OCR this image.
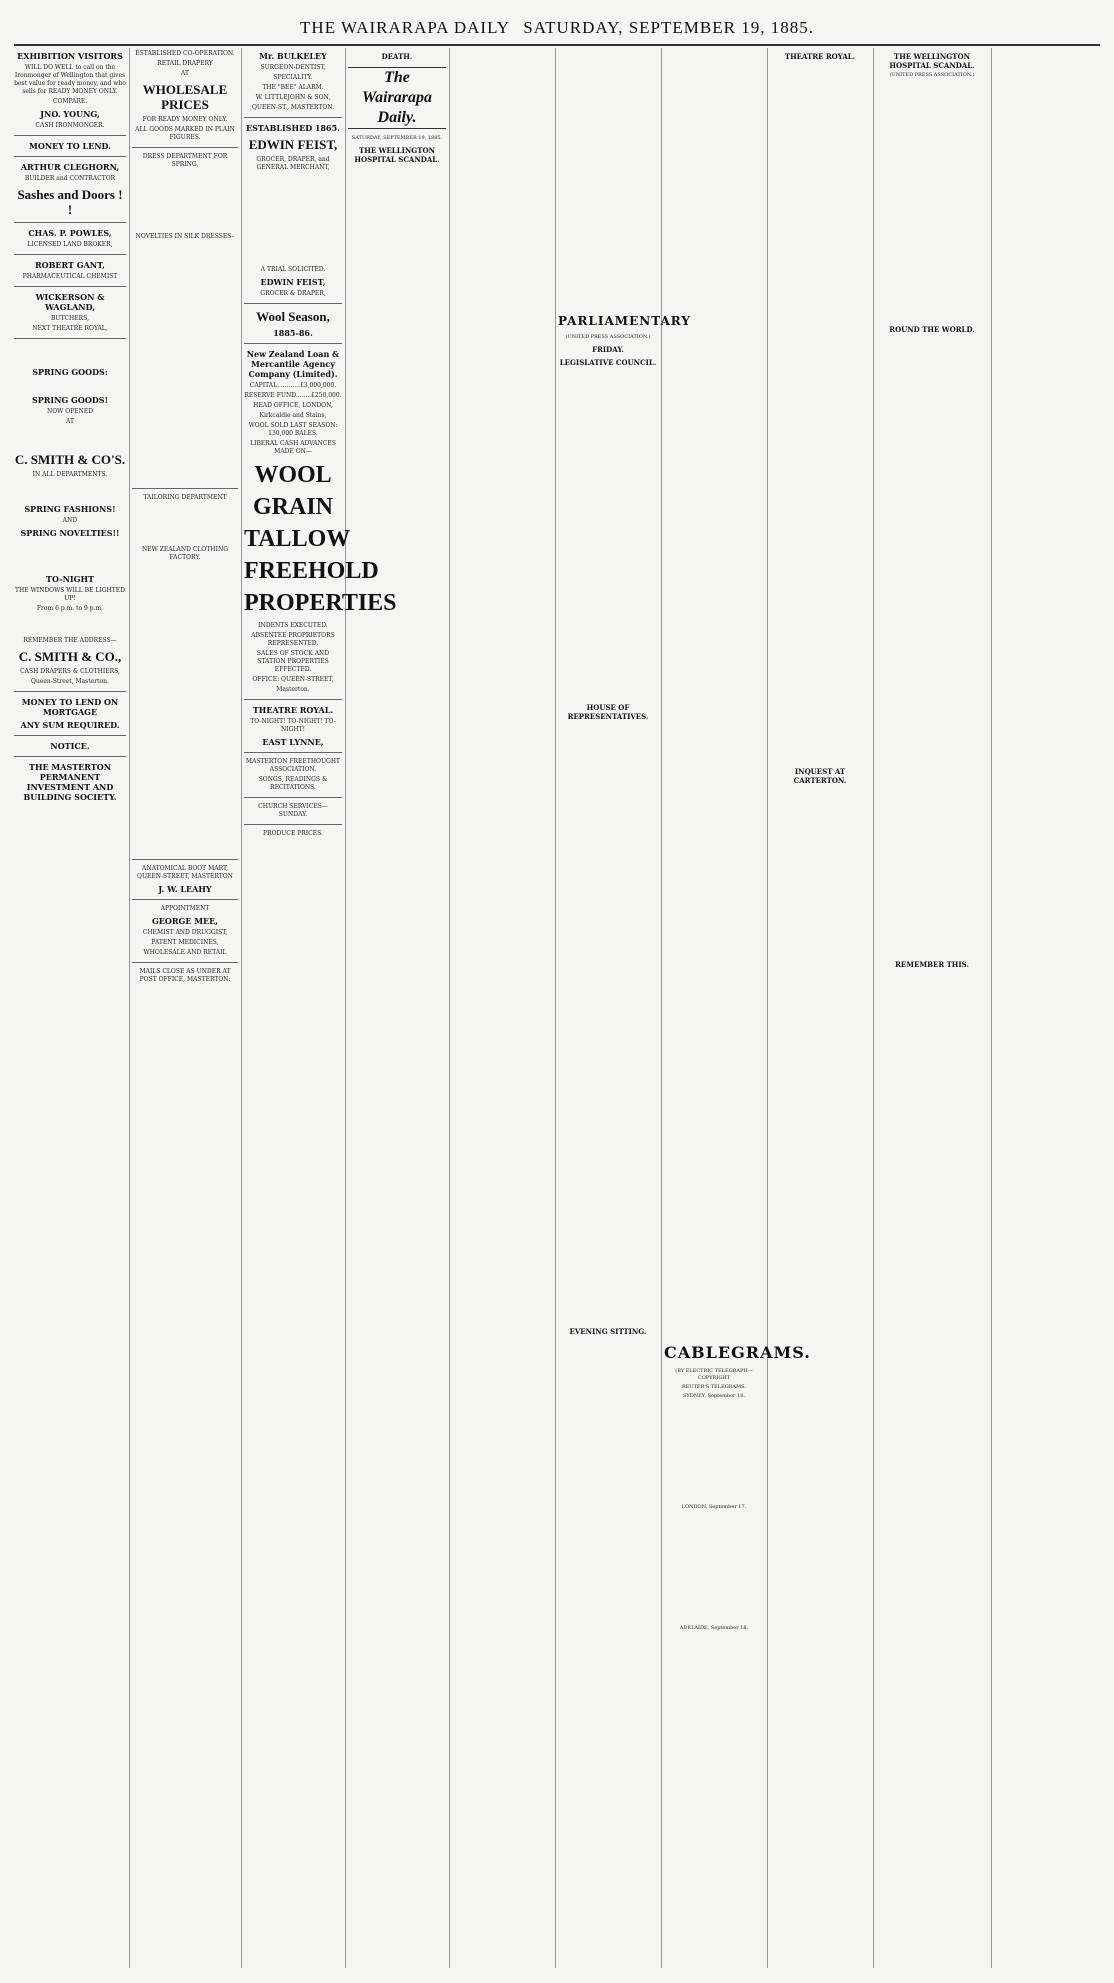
THE WAIRARAPA DAILY SATURDAY, SEPTEMBER 19, 1885.
EXHIBITION VISITORS
WILL DO WELL to call on the Ironmonger of Wellington that gives best value for ready money, and who sells for READY MONEY ONLY.
COMPARE.
JNO. YOUNG,
CASH IRONMONGER.
MONEY TO LEND.
ARTHUR CLEGHORN,
BUILDER and CONTRACTOR
Sashes and Doors ! !
CHAS. P. POWLES,
LICENSED LAND BROKER,
ROBERT GANT,
PHARMACEUTICAL CHEMIST
WICKERSON & WAGLAND,
BUTCHERS,
NEXT THEATRE ROYAL,
SPRING GOODS:
SPRING GOODS!
NOW OPENED
AT
C. SMITH & CO'S.
IN ALL DEPARTMENTS.
SPRING FASHIONS!
AND
SPRING NOVELTIES!!
TO-NIGHT
THE WINDOWS WILL BE LIGHTED UP!
From 6 p.m. to 9 p.m.
REMEMBER THE ADDRESS—
C. SMITH & CO.,
CASH DRAPERS & CLOTHIERS,
Queen-Street, Masterton.
MONEY TO LEND ON MORTGAGE
ANY SUM REQUIRED.
NOTICE.
THE MASTERTON PERMANENT INVESTMENT AND BUILDING SOCIETY.
ESTABLISHED CO-OPERATION.
RETAIL DRAPERY
AT
WHOLESALE PRICES
FOR READY MONEY ONLY.
ALL GOODS MARKED IN PLAIN FIGURES.
DRESS DEPARTMENT FOR SPRING,
NOVELTIES IN SILK DRESSES–
TAILORING DEPARTMENT
NEW ZEALAND CLOTHING FACTORY.
ANATOMICAL BOOT MART, QUEEN-STREET, MASTERTON
J. W. LEAHY
APPOINTMENT
GEORGE MEE,
CHEMIST AND DRUGGIST,
PATENT MEDICINES,
WHOLESALE AND RETAIL
MAILS CLOSE AS UNDER AT POST OFFICE, MASTERTON:
Mr. BULKELEY
SURGEON-DENTIST,
SPECIALITY.
THE "BEE" ALARM.
W. LITTLEJOHN & SON,
QUEEN-ST., MASTERTON.
ESTABLISHED 1865.
EDWIN FEIST,
GROCER, DRAPER, and GENERAL MERCHANT,
A TRIAL SOLICITED.
EDWIN FEIST,
GROCER & DRAPER,
Wool Season,
1885-86.
New Zealand Loan & Mercantile Agency Company (Limited).
CAPITAL............£3,000,000.
RESERVE FUND........£250,000.
HEAD OFFICE, LONDON,
Kirkcaldie and Stains,
WOOL SOLD LAST SEASON: 130,000 BALES.
LIBERAL CASH ADVANCES MADE ON—
WOOL
GRAIN
TALLOW
FREEHOLD
PROPERTIES
INDENTS EXECUTED.
ABSENTEE PROPRIETORS REPRESENTED.
SALES OF STOCK AND STATION PROPERTIES EFFECTED.
OFFICE: QUEEN-STREET,
Masterton.
THEATRE ROYAL.
TO-NIGHT! TO-NIGHT! TO-NIGHT!
EAST LYNNE,
MASTERTON FREETHOUGHT ASSOCIATION.
SONGS, READINGS & RECITATIONS.
CHURCH SERVICES—SUNDAY.
PRODUCE PRICES.
DEATH.
The Wairarapa Daily.
SATURDAY, SEPTEMBER 19, 1885.
THE WELLINGTON HOSPITAL SCANDAL.
PARLIAMENTARY
(UNITED PRESS ASSOCIATION.)
FRIDAY.
LEGISLATIVE COUNCIL.
HOUSE OF REPRESENTATIVES.
EVENING SITTING.
CABLEGRAMS.
(BY ELECTRIC TELEGRAPH—COPYRIGHT
REUTER'S TELEGRAMS.
SYDNEY, September 18.
LONDON, September 17.
ADELAIDE, September 18.
THEATRE ROYAL.
INQUEST AT CARTERTON.
THE WELLINGTON HOSPITAL SCANDAL.
(UNITED PRESS ASSOCIATION.)
ROUND THE WORLD.
REMEMBER THIS.
